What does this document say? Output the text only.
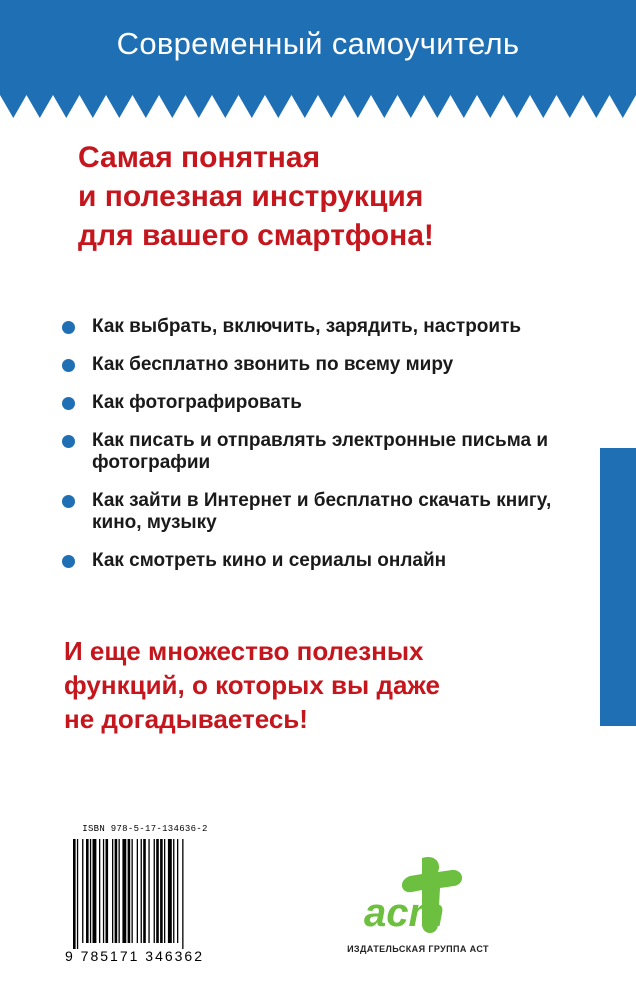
Современный самоучитель
Самая понятная
и полезная инструкция
для вашего смартфона!
Как выбрать, включить, зарядить, настроить
Как бесплатно звонить по всему миру
Как фотографировать
Как писать и отправлять электронные письма и фотографии
Как зайти в Интернет и бесплатно скачать книгу, кино, музыку
Как смотреть кино и сериалы онлайн
И еще множество полезных
функций, о которых вы даже
не догадываетесь!
ISBN 978-5-17-134636-2
9 785171 346362
аст
ИЗДАТЕЛЬСКАЯ ГРУППА АСТ
